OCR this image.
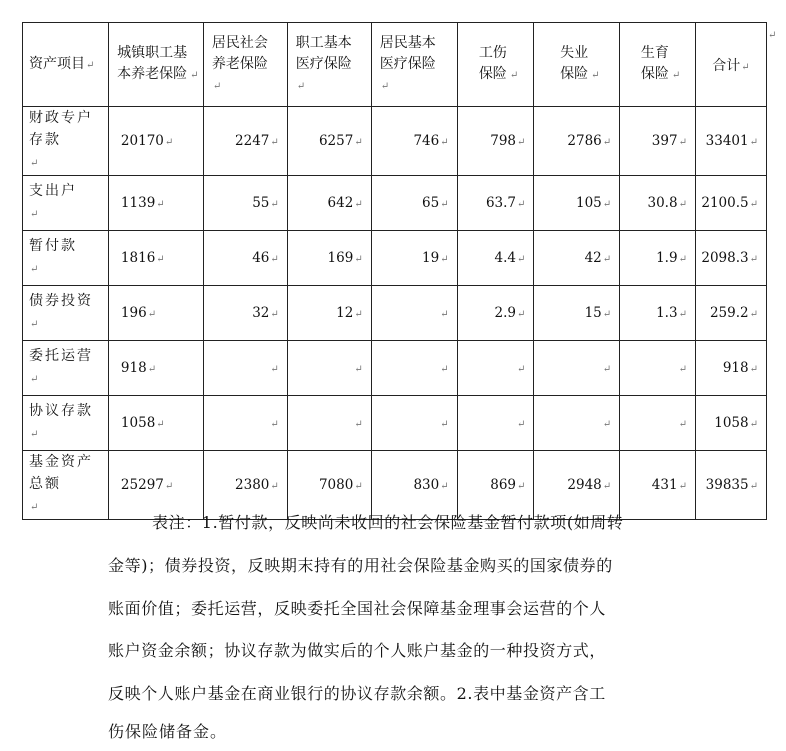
资产项目↵	城镇职工基本养老保险 ↵	居民社会养老保险↵	职工基本医疗保险↵	居民基本医疗保险↵	工伤保险 ↵	失业保险 ↵	生育保险 ↵	合计↵
财政专户存款↵	20170↵	2247↵	6257↵	746↵	798↵	2786↵	397↵	33401↵
支出户↵	1139↵	55↵	642↵	65↵	63.7↵	105↵	30.8↵	2100.5↵
暂付款↵	1816↵	46↵	169↵	19↵	4.4↵	42↵	1.9↵	2098.3↵
债券投资↵	196↵	32↵	12↵	↵	2.9↵	15↵	1.3↵	259.2↵
委托运营↵	918↵	↵	↵	↵	↵	↵	↵	918↵
协议存款↵	1058↵	↵	↵	↵	↵	↵	↵	1058↵
基金资产总额↵	25297↵	2380↵	7080↵	830↵	869↵	2948↵	431↵	39835↵
表注：1.暂付款，反映尚未收回的社会保险基金暂付款项(如周转
金等)；债券投资，反映期末持有的用社会保险基金购买的国家债券的
账面价值；委托运营，反映委托全国社会保障基金理事会运营的个人
账户资金余额；协议存款为做实后的个人账户基金的一种投资方式，
反映个人账户基金在商业银行的协议存款余额。2.表中基金资产含工
伤保险储备金。
↵
